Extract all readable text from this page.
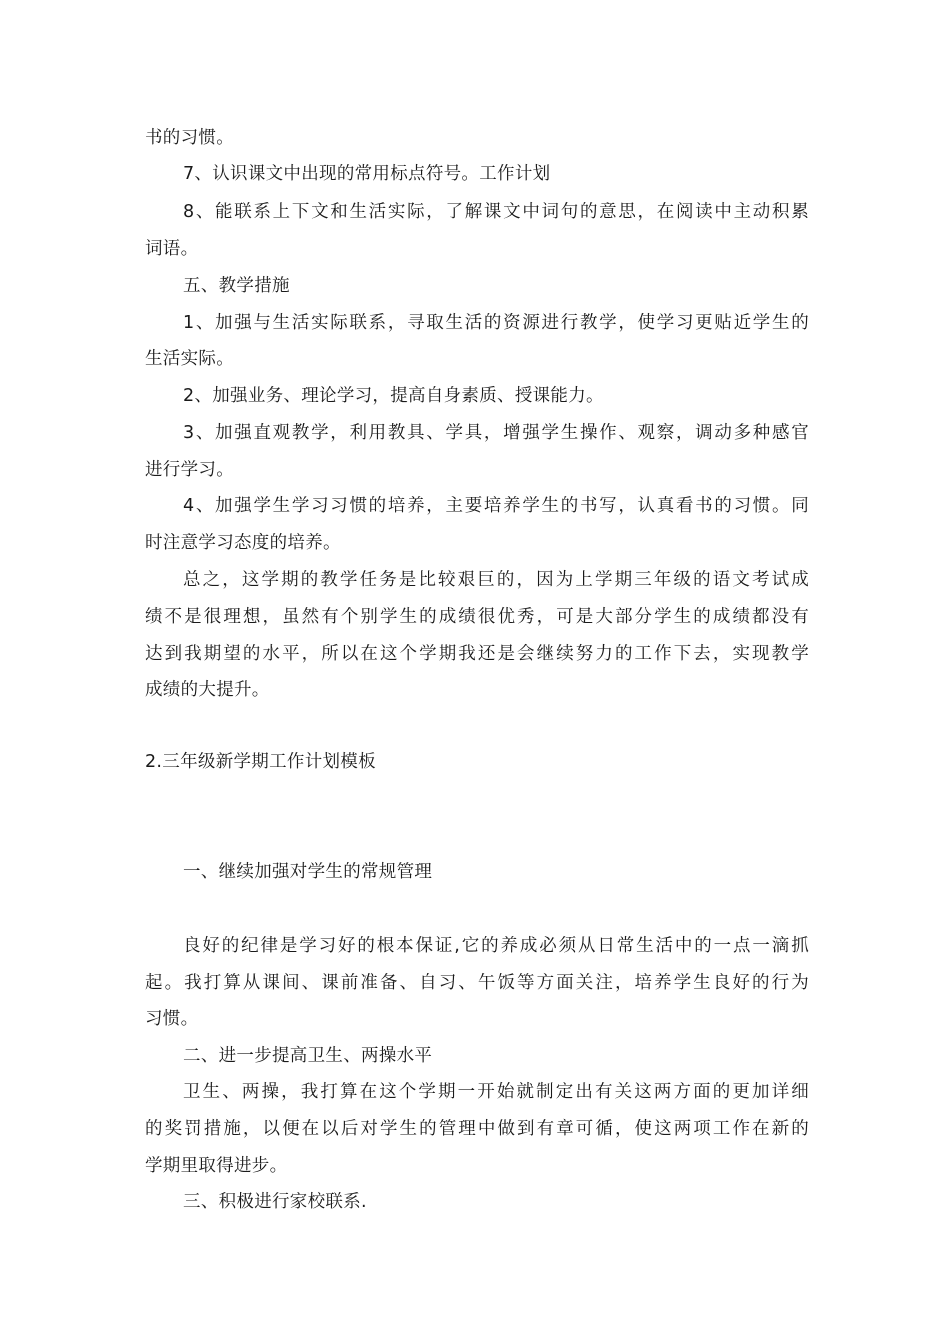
书的习惯。
7、认识课文中出现的常用标点符号。工作计划
8、能联系上下文和生活实际，了解课文中词句的意思，在阅读中主动积累
词语。
五、教学措施
1、加强与生活实际联系，寻取生活的资源进行教学，使学习更贴近学生的
生活实际。
2、加强业务、理论学习，提高自身素质、授课能力。
3、加强直观教学，利用教具、学具，增强学生操作、观察，调动多种感官
进行学习。
4、加强学生学习习惯的培养，主要培养学生的书写，认真看书的习惯。同
时注意学习态度的培养。
总之，这学期的教学任务是比较艰巨的，因为上学期三年级的语文考试成
绩不是很理想，虽然有个别学生的成绩很优秀，可是大部分学生的成绩都没有
达到我期望的水平，所以在这个学期我还是会继续努力的工作下去，实现教学
成绩的大提升。
2.三年级新学期工作计划模板
一、继续加强对学生的常规管理
良好的纪律是学习好的根本保证,它的养成必须从日常生活中的一点一滴抓
起。我打算从课间、课前准备、自习、午饭等方面关注，培养学生良好的行为
习惯。
二、进一步提高卫生、两操水平
卫生、两操，我打算在这个学期一开始就制定出有关这两方面的更加详细
的奖罚措施，以便在以后对学生的管理中做到有章可循，使这两项工作在新的
学期里取得进步。
三、积极进行家校联系.
